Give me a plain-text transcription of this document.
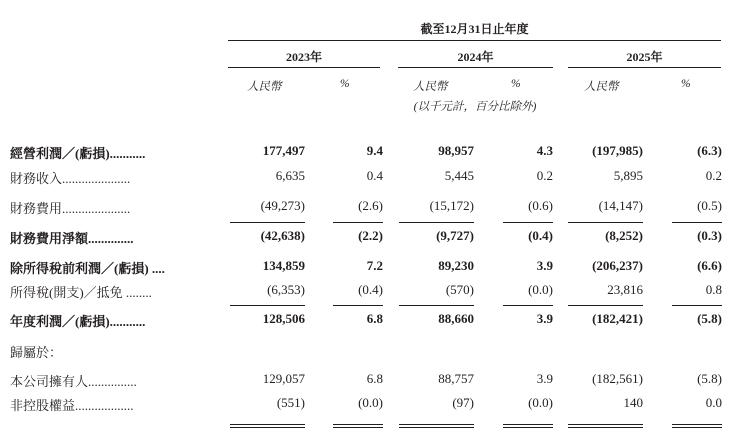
截至12月31日止年度
2023年	2024年	2025年
人民幣	%	人民幣	%	人民幣	%
(以千元計，百分比除外)
經營利潤／(虧損)...........	177,497	9.4	98,957	4.3	(197,985)	(6.3)
財務收入.....................	6,635	0.4	5,445	0.2	5,895	0.2
財務費用.....................	(49,273)	(2.6)	(15,172)	(0.6)	(14,147)	(0.5)
財務費用淨額..............	(42,638)	(2.2)	(9,727)	(0.4)	(8,252)	(0.3)
除所得稅前利潤／(虧損) ....	134,859	7.2	89,230	3.9	(206,237)	(6.6)
所得稅(開支)／抵免 ........	(6,353)	(0.4)	(570)	(0.0)	23,816	0.8
年度利潤／(虧損)...........	128,506	6.8	88,660	3.9	(182,421)	(5.8)
歸屬於：
本公司擁有人...............	129,057	6.8	88,757	3.9	(182,561)	(5.8)
非控股權益..................	(551)	(0.0)	(97)	(0.0)	140	0.0
